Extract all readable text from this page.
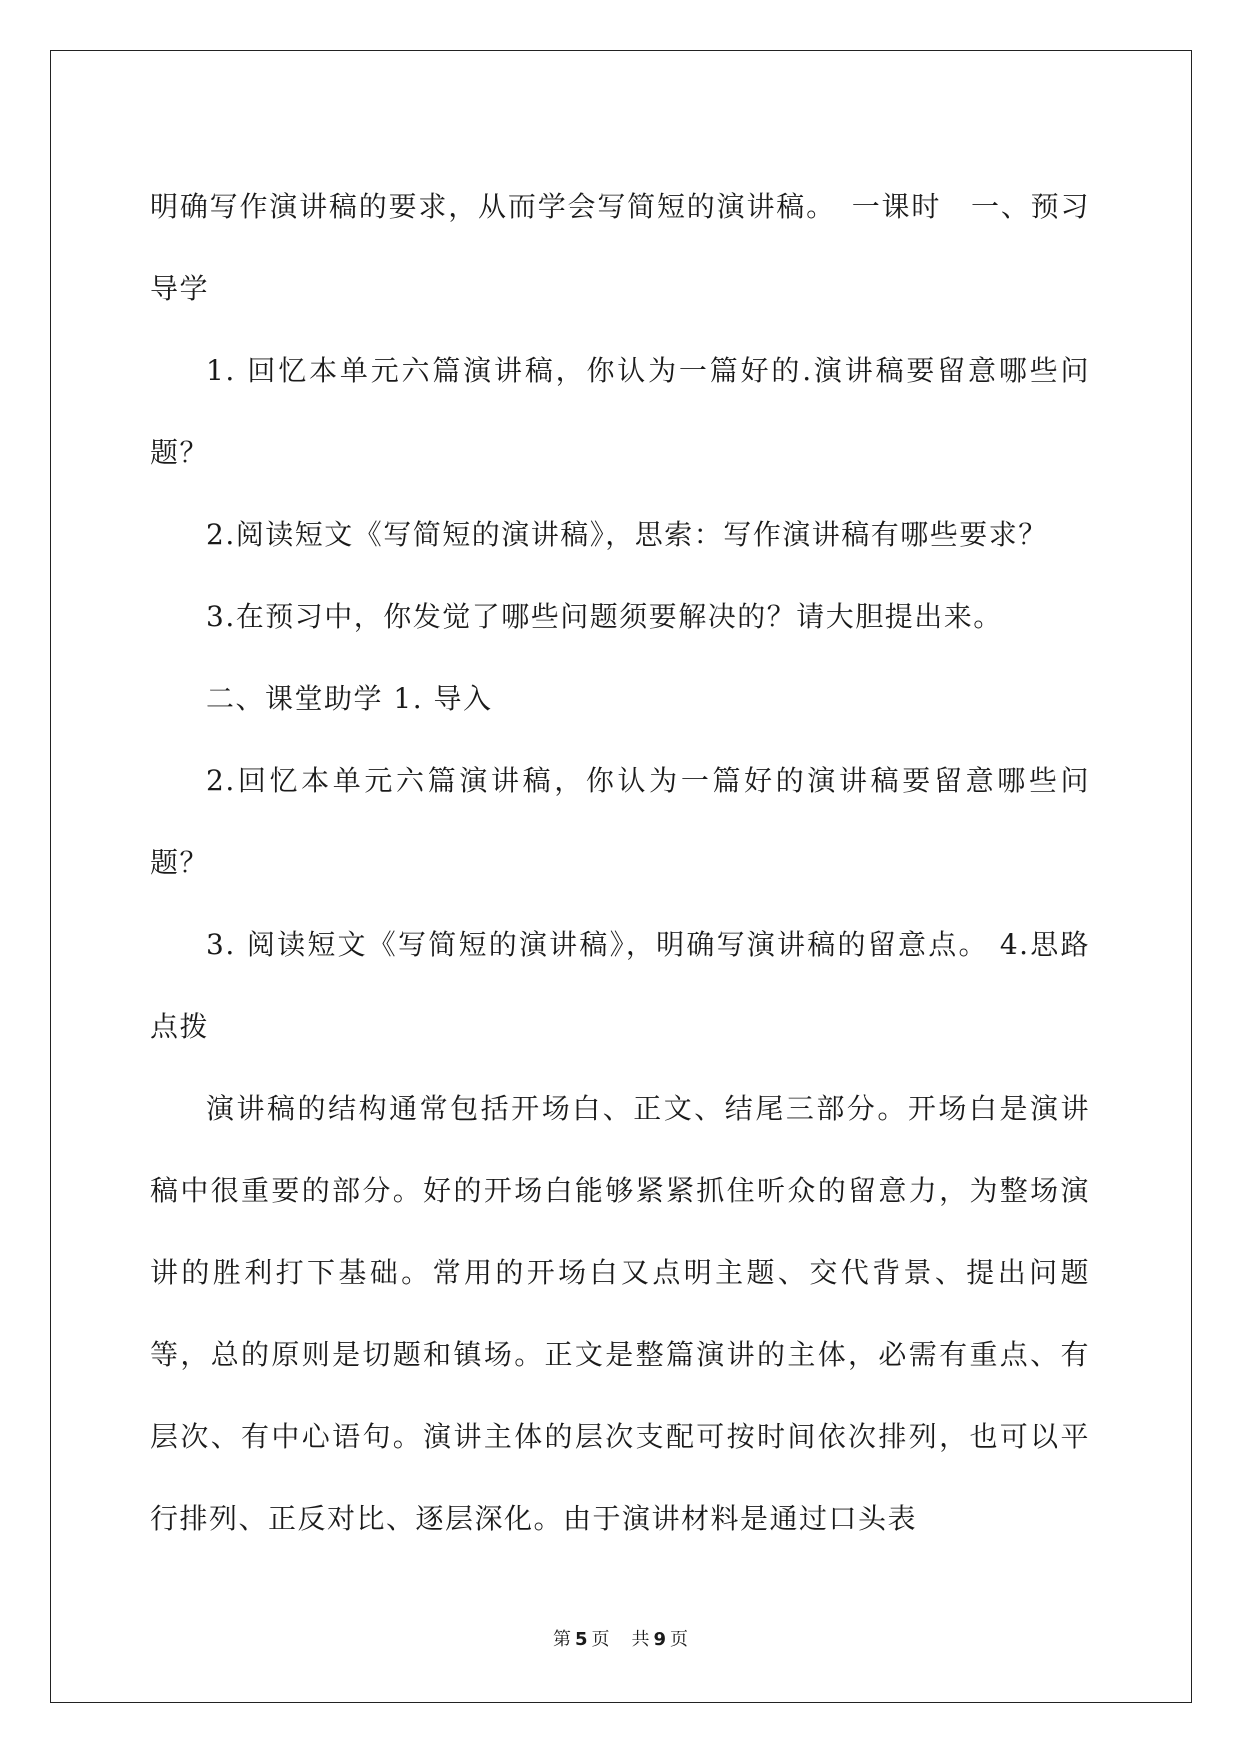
明确写作演讲稿的要求，从而学会写简短的演讲稿。　一课时　一、预习导学

1. 回忆本单元六篇演讲稿，你认为一篇好的.演讲稿要留意哪些问题？

2.阅读短文《写简短的演讲稿》，思索：写作演讲稿有哪些要求？

3.在预习中，你发觉了哪些问题须要解决的？请大胆提出来。

二、课堂助学 1. 导入

2.回忆本单元六篇演讲稿，你认为一篇好的演讲稿要留意哪些问题？

3. 阅读短文《写简短的演讲稿》，明确写演讲稿的留意点。 4.思路点拨

演讲稿的结构通常包括开场白、正文、结尾三部分。开场白是演讲稿中很重要的部分。好的开场白能够紧紧抓住听众的留意力，为整场演讲的胜利打下基础。常用的开场白又点明主题、交代背景、提出问题等，总的原则是切题和镇场。正文是整篇演讲的主体，必需有重点、有层次、有中心语句。演讲主体的层次支配可按时间依次排列，也可以平行排列、正反对比、逐层深化。由于演讲材料是通过口头表

第 5 页 共 9 页
